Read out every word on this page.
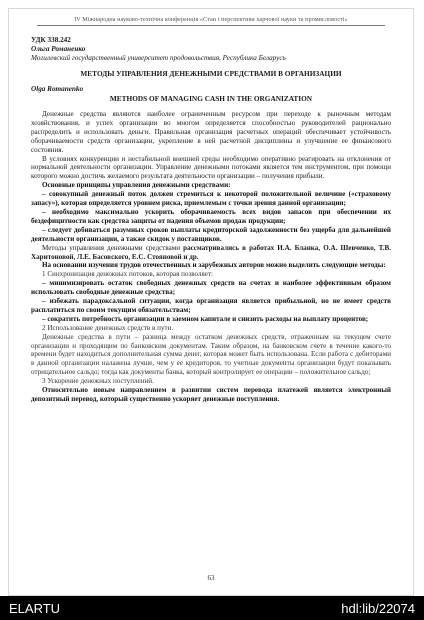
IV Міжнародна науково-технічна конференція «Стан і перспективи харчової науки та промисловості»
УДК 338.242
Ольга Романенко
Могилевский государственный университет продовольствия, Республика Беларусь
МЕТОДЫ УПРАВЛЕНИЯ ДЕНЕЖНЫМИ СРЕДСТВАМИ В ОРГАНИЗАЦИИ
Olga Romanenko
METHODS OF MANAGING CASH IN THE ORGANIZATION

Денежные средства являются наиболее ограниченным ресурсом при переходе к рыночным методам хозяйствования, и успех организации во многом определяется способностью руководителей рационально распределить и использовать деньги. Правильная организация расчетных операций обеспечивает устойчивость оборачиваемости средств организации, укрепление в ней расчетной дисциплины и улучшение ее финансового состояния.

В условиях конкуренции и нестабильной внешней среды необходимо оперативно реагировать на отклонения от нормальной деятельности организации. Управление денежными потоками является тем инструментом, при помощи которого можно достичь желаемого результата деятельности организации – получения прибыли.

Основные принципы управления денежными средствами:

– совокупный денежный поток должен стремиться к некоторой положительной величине («страховому запасу»), которая определяется уровнем риска, приемлемым с точки зрения данной организации;

– необходимо максимально ускорить оборачиваемость всех видов запасов при обеспечении их бездефицитности как средства защиты от падения объемов продаж продукции;

– следует добиваться разумных сроков выплаты кредиторской задолженности без ущерба для дальнейшей деятельности организации, а также скидок у поставщиков.

Методы управления денежными средствами рассматривались в работах И.А. Бланка, О.А. Шевченко, Т.В. Харитоновой, Л.Е. Басовского, Е.С. Стояновой и др.

На основании изучения трудов отечественных и зарубежных авторов можно выделить следующие методы:

1 Синхронизация денежных потоков, которая позволяет:

– минимизировать остаток свободных денежных средств на счетах и наиболее эффективным образом использовать свободные денежные средства;

– избежать парадоксальной ситуации, когда организация является прибыльной, но не имеет средств расплатиться по своим текущим обязательствам;

– сократить потребность организации в заемном капитале и снизить расходы на выплату процентов;

2 Использование денежных средств в пути.

Денежные средства в пути – разница между остатком денежных средств, отраженным на текущем счете организации и проходящим по банковским документам. Таким образом, на банковском счете в течение какого-то времени будет находиться дополнительная сумма денег, которая может быть использована. Если работа с дебиторами в данной организации налажена лучше, чем у ее кредиторов, то учетные документы организации будут показывать отрицательное сальдо; тогда как документы банка, который контролирует ее операции – положительное сальдо;

3 Ускорение денежных поступлений.

Относительно новым направлением в развитии систем перевода платежей является электронный депозитный перевод, который существенно ускоряет денежные поступления.

63
ELARTU	hdl:lib/22074
